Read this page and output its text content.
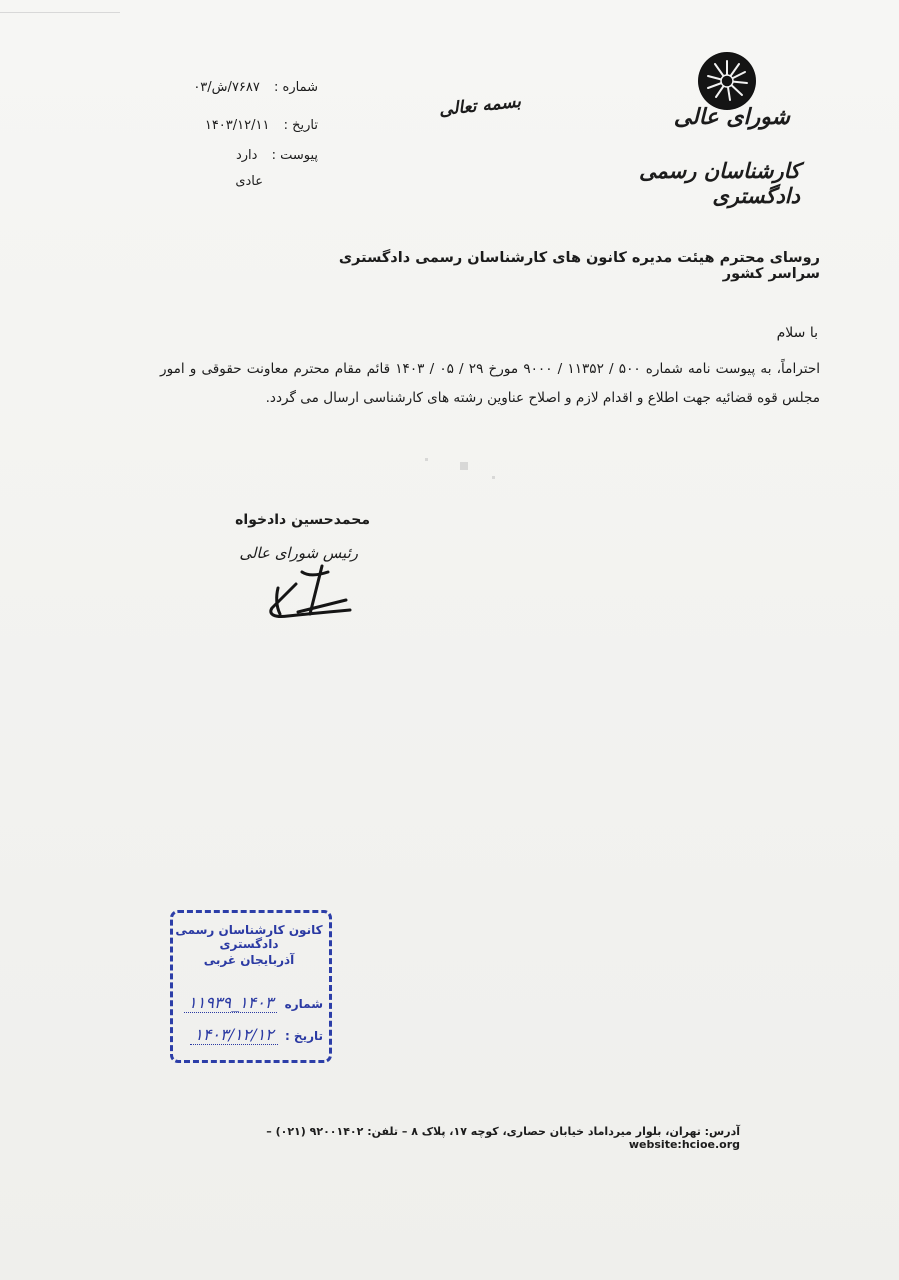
شورای عالی
کارشناسان رسمی دادگستری
بسمه تعالی
شماره : ۷۶۸۷/ش/۰۳
تاریخ : ۱۴۰۳/۱۲/۱۱
پیوست : دارد
عادی
روسای محترم هیئت مدیره کانون های کارشناسان رسمی دادگستری سراسر کشور
با سلام
احتراماً، به پیوست نامه شماره ۵۰۰ / ۱۱۳۵۲ / ۹۰۰۰ مورخ ۲۹ / ۰۵ / ۱۴۰۳ قائم مقام محترم معاونت حقوقی و امور مجلس قوه قضائیه جهت اطلاع و اقدام لازم و اصلاح عناوین رشته های کارشناسی ارسال می گردد.
محمدحسین دادخواه
رئیس شورای عالی
کانون کارشناسان رسمی دادگستری
آذربایجان غربی
شماره ۱۴۰۳_۱۱۹۳۹
تاریخ : ۱۴۰۳/۱۲/۱۲
آدرس: تهران، بلوار میرداماد خیابان حصاری، کوچه ۱۷، پلاک ۸ – تلفن: ۹۲۰۰۱۴۰۲ (۰۲۱) – website:hcioe.org
